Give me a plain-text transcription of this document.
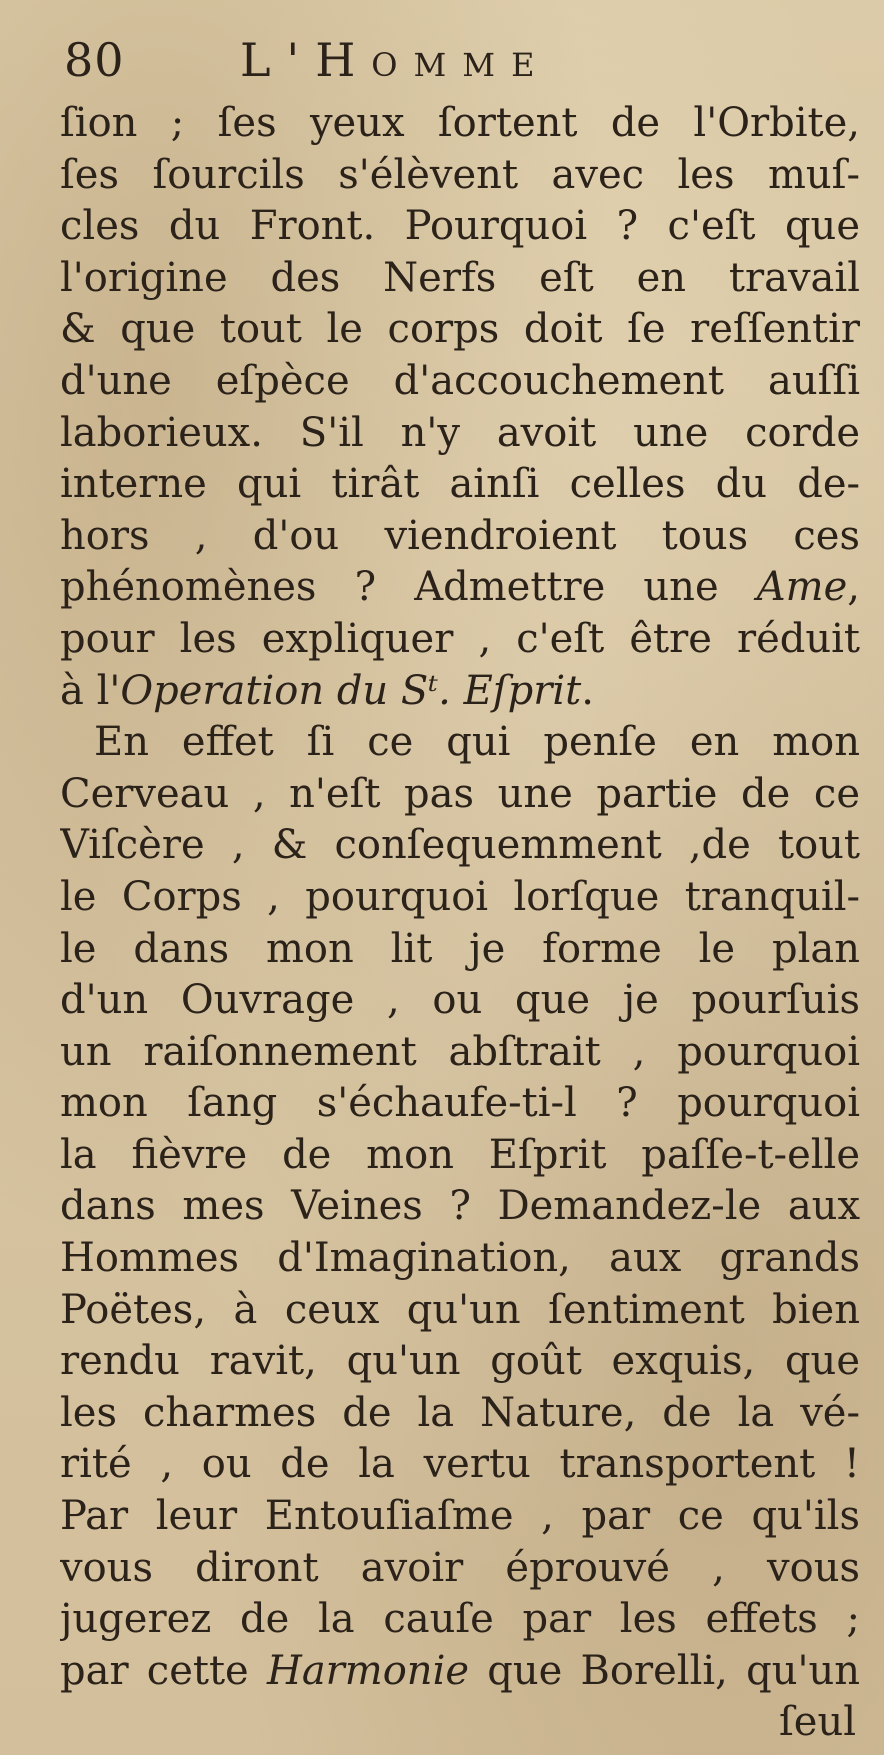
80	L'Homme
ſion ; ſes yeux ſortent de l'Orbite,
ſes ſourcils s'élèvent avec les muſ-
cles du Front. Pourquoi ? c'eſt que
l'origine des Nerfs eſt en travail
& que tout le corps doit ſe reſſentir
d'une eſpèce d'accouchement auſſi
laborieux. S'il n'y avoit une corde
interne qui tirât ainſi celles du de-
hors , d'ou viendroient tous ces
phénomènes ? Admettre une Ame,
pour les expliquer , c'eſt être réduit
à l'Operation du Sᵗ. Eſprit.
En effet ſi ce qui penſe en mon
Cerveau , n'eſt pas une partie de ce
Viſcère , & conſequemment ,de tout
le Corps , pourquoi lorſque tranquil-
le dans mon lit je forme le plan
d'un Ouvrage , ou que je pourſuis
un raiſonnement abſtrait , pourquoi
mon ſang s'échaufe-ti-l ? pourquoi
la fièvre de mon Eſprit paſſe-t-elle
dans mes Veines ? Demandez-le aux
Hommes d'Imagination, aux grands
Poëtes, à ceux qu'un ſentiment bien
rendu ravit, qu'un goût exquis, que
les charmes de la Nature, de la vé-
rité , ou de la vertu transportent !
Par leur Entouſiaſme , par ce qu'ils
vous diront avoir éprouvé , vous
jugerez de la cauſe par les effets ;
par cette Harmonie que Borelli, qu'un
ſeul
